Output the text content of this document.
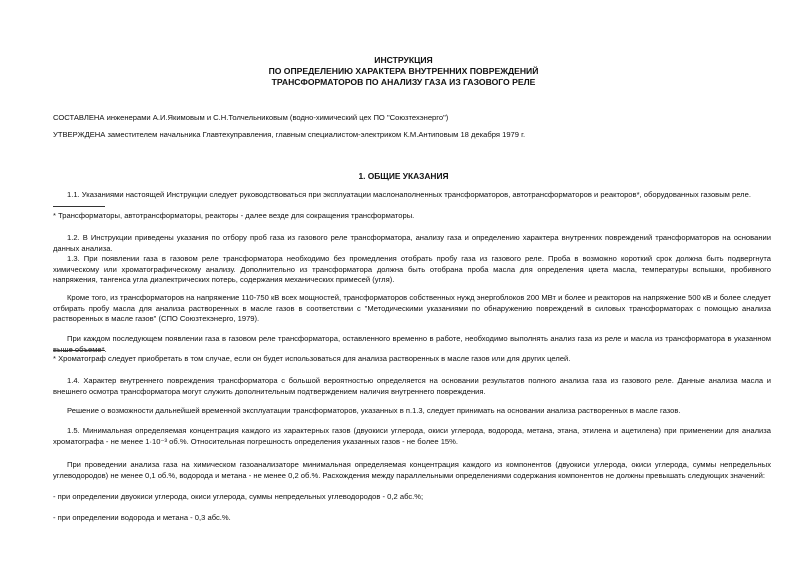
ИНСТРУКЦИЯ
ПО ОПРЕДЕЛЕНИЮ ХАРАКТЕРА ВНУТРЕННИХ ПОВРЕЖДЕНИЙ
ТРАНСФОРМАТОРОВ ПО АНАЛИЗУ ГАЗА ИЗ ГАЗОВОГО РЕЛЕ
СОСТАВЛЕНА инженерами А.И.Якимовым и С.Н.Толчельниковым (водно-химический цех ПО "Союзтехэнерго")
УТВЕРЖДЕНА заместителем начальника Главтехуправления, главным специалистом-электриком К.М.Антиповым 18 декабря 1979 г.
1. ОБЩИЕ УКАЗАНИЯ
1.1. Указаниями настоящей Инструкции следует руководствоваться при эксплуатации маслонаполненных трансформаторов, автотрансформаторов и реакторов*, оборудованных газовым реле.
* Трансформаторы, автотрансформаторы, реакторы - далее везде для сокращения трансформаторы.
1.2. В Инструкции приведены указания по отбору проб газа из газового реле трансформатора, анализу газа и определению характера внутренних повреждений трансформаторов на основании данных анализа.
1.3. При появлении газа в газовом реле трансформатора необходимо без промедления отобрать пробу газа из газового реле. Проба в возможно короткий срок должна быть подвергнута химическому или хроматографическому анализу. Дополнительно из трансформатора должна быть отобрана проба масла для определения цвета масла, температуры вспышки, пробивного напряжения, тангенса угла диэлектрических потерь, содержания механических примесей (угля).
Кроме того, из трансформаторов на напряжение 110-750 кВ всех мощностей, трансформаторов собственных нужд энергоблоков 200 МВт и более и реакторов на напряжение 500 кВ и более следует отбирать пробу масла для анализа растворенных в масле газов в соответствии с "Методическими указаниями по обнаружению повреждений в силовых трансформаторах с помощью анализа растворенных в масле газов" (СПО Союзтехэнерго, 1979).
При каждом последующем появлении газа в газовом реле трансформатора, оставленного временно в работе, необходимо выполнять анализ газа из реле и масла из трансформатора в указанном выше объеме*.
* Хроматограф следует приобретать в том случае, если он будет использоваться для анализа растворенных в масле газов или для других целей.
1.4. Характер внутреннего повреждения трансформатора с большой вероятностью определяется на основании результатов полного анализа газа из газового реле. Данные анализа масла и внешнего осмотра трансформатора могут служить дополнительным подтверждением наличия внутреннего повреждения.
Решение о возможности дальнейшей временной эксплуатации трансформаторов, указанных в п.1.3, следует принимать на основании анализа растворенных в масле газов.
1.5. Минимальная определяемая концентрация каждого из характерных газов (двуокиси углерода, окиси углерода, водорода, метана, этана, этилена и ацетилена) при применении для анализа хроматографа - не менее 1·10⁻³ об.%. Относительная погрешность определения указанных газов - не более 15%.
При проведении анализа газа на химическом газоанализаторе минимальная определяемая концентрация каждого из компонентов (двуокиси углерода, окиси углерода, суммы непредельных углеводородов) не менее 0,1 об.%, водорода и метана - не менее 0,2 об.%. Расхождения между параллельными определениями содержания компонентов не должны превышать следующих значений:
- при определении двуокиси углерода, окиси углерода, суммы непредельных углеводородов - 0,2 абс.%;
- при определении водорода и метана - 0,3 абс.%.
